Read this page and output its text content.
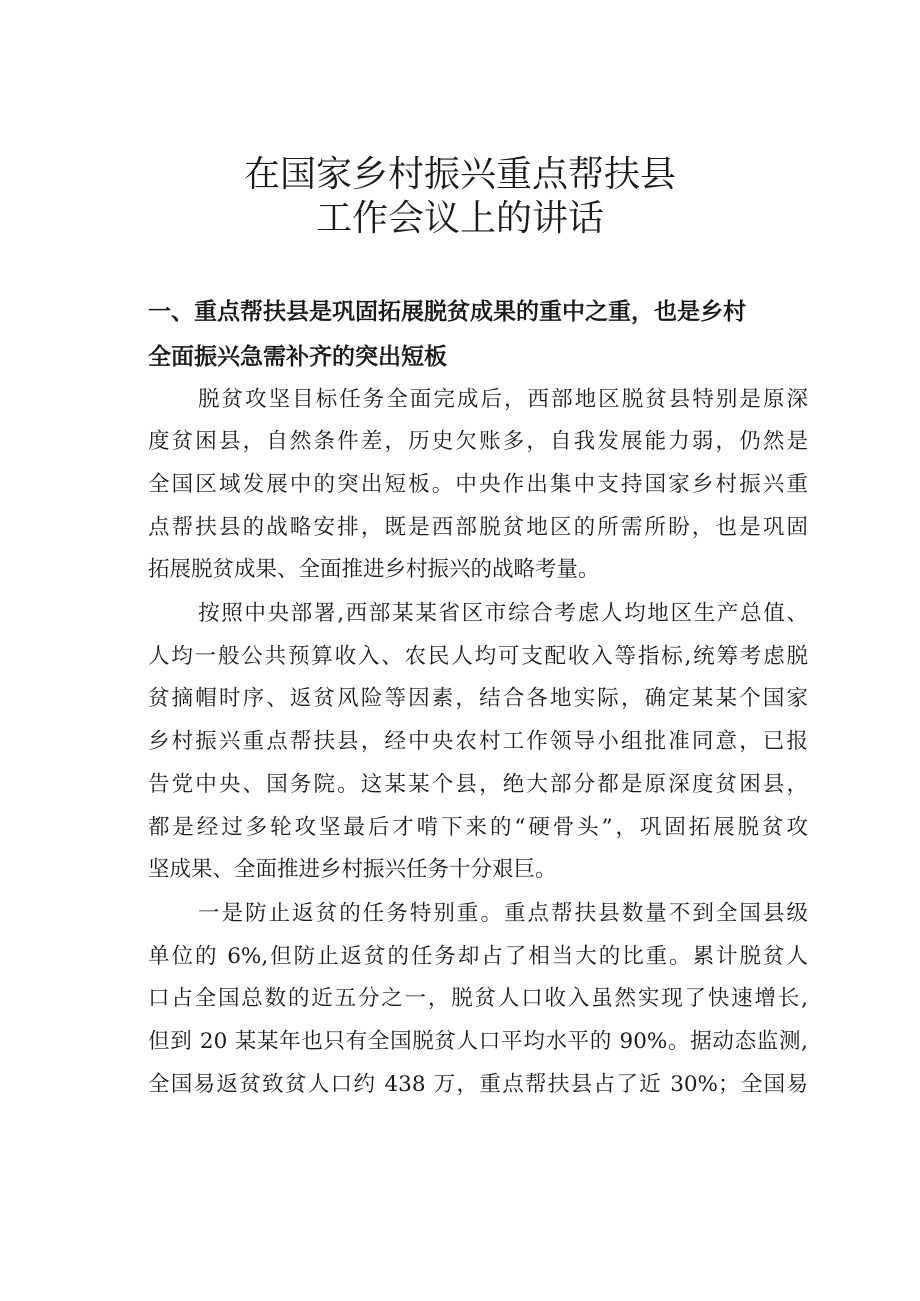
在国家乡村振兴重点帮扶县
工作会议上的讲话

一、重点帮扶县是巩固拓展脱贫成果的重中之重，也是乡村

全面振兴急需补齐的突出短板

脱贫攻坚目标任务全面完成后，西部地区脱贫县特别是原深

度贫困县，自然条件差，历史欠账多，自我发展能力弱，仍然是

全国区域发展中的突出短板。中央作出集中支持国家乡村振兴重

点帮扶县的战略安排，既是西部脱贫地区的所需所盼，也是巩固

拓展脱贫成果、全面推进乡村振兴的战略考量。

按照中央部署,西部某某省区市综合考虑人均地区生产总值、

人均一般公共预算收入、农民人均可支配收入等指标,统筹考虑脱

贫摘帽时序、返贫风险等因素，结合各地实际，确定某某个国家

乡村振兴重点帮扶县，经中央农村工作领导小组批准同意，已报

告党中央、国务院。这某某个县，绝大部分都是原深度贫困县，

都是经过多轮攻坚最后才啃下来的“硬骨头”，巩固拓展脱贫攻

坚成果、全面推进乡村振兴任务十分艰巨。

一是防止返贫的任务特别重。重点帮扶县数量不到全国县级

单位的 6%,但防止返贫的任务却占了相当大的比重。累计脱贫人

口占全国总数的近五分之一，脱贫人口收入虽然实现了快速增长,

但到 20 某某年也只有全国脱贫人口平均水平的 90%。据动态监测,

全国易返贫致贫人口约 438 万，重点帮扶县占了近 30%；全国易
